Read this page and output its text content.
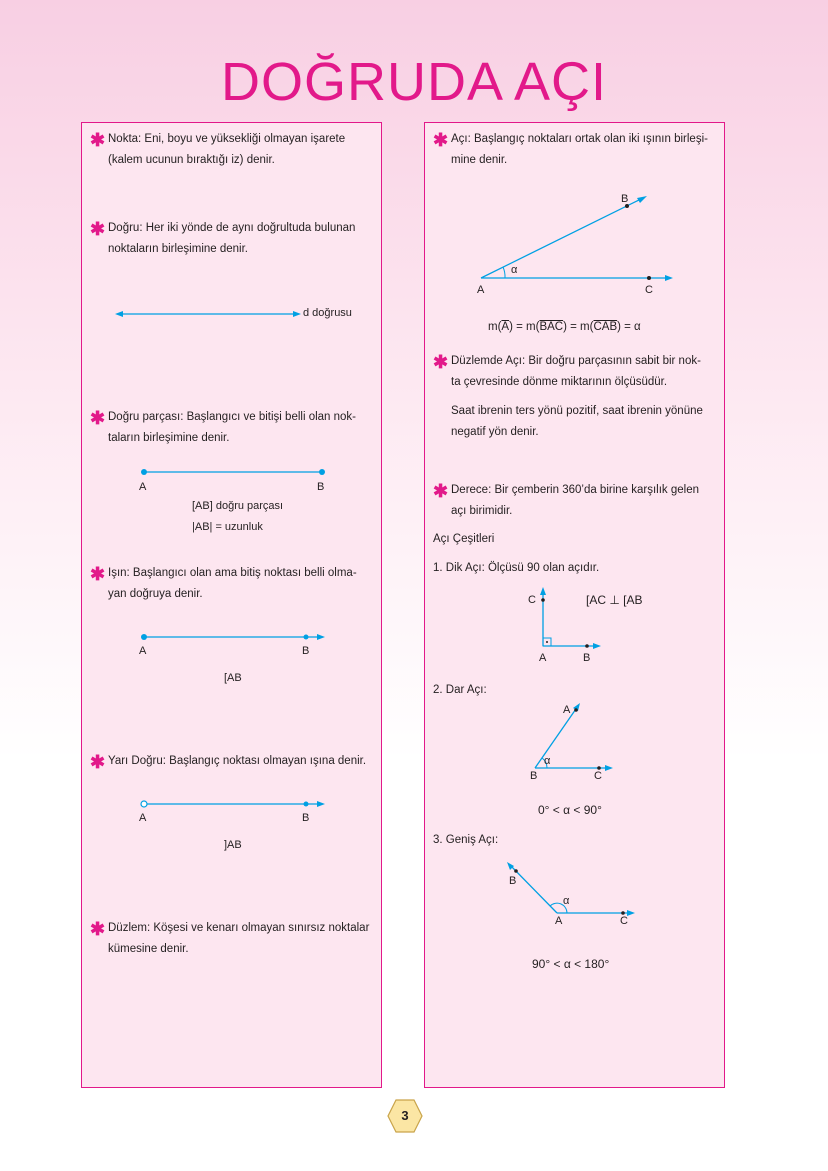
DOĞRUDA AÇI
✱ Nokta: Eni, boyu ve yüksekliği olmayan işarete
(kalem ucunun bıraktığı iz) denir.
✱ Doğru: Her iki yönde de aynı doğrultuda bulunan
noktaların birleşimine denir.
d doğrusu
✱ Doğru parçası: Başlangıcı ve bitişi belli olan nok-
taların birleşimine denir.
A	B
[AB] doğru parçası
|AB| = uzunluk
✱ Işın: Başlangıcı olan ama bitiş noktası belli olma-
yan doğruya denir.
A	B
[AB
✱ Yarı Doğru: Başlangıç noktası olmayan ışına denir.
A	B
]AB
✱ Düzlem: Köşesi ve kenarı olmayan sınırsız noktalar
kümesine denir.
✱ Açı: Başlangıç noktaları ortak olan iki ışının birleşi-
mine denir.
A
B
C
α
$m(\overline{A}) = m(\overline{BAC}) = m(\overline{CAB}) = \alpha$
✱ Düzlemde Açı: Bir doğru parçasının sabit bir nok-
ta çevresinde dönme miktarının ölçüsüdür.
Saat ibrenin ters yönü pozitif, saat ibrenin yönüne
negatif yön denir.
✱ Derece: Bir çemberin 360’da birine karşılık gelen
açı birimidir.
Açı Çeşitleri
1. Dik Açı: Ölçüsü 90 olan açıdır.
[AC ⊥ [AB
C
A	B
2. Dar Açı:
A
B	C
α
0° < α < 90°
3. Geniş Açı:
B
A	C
α
90° < α < 180°
3
